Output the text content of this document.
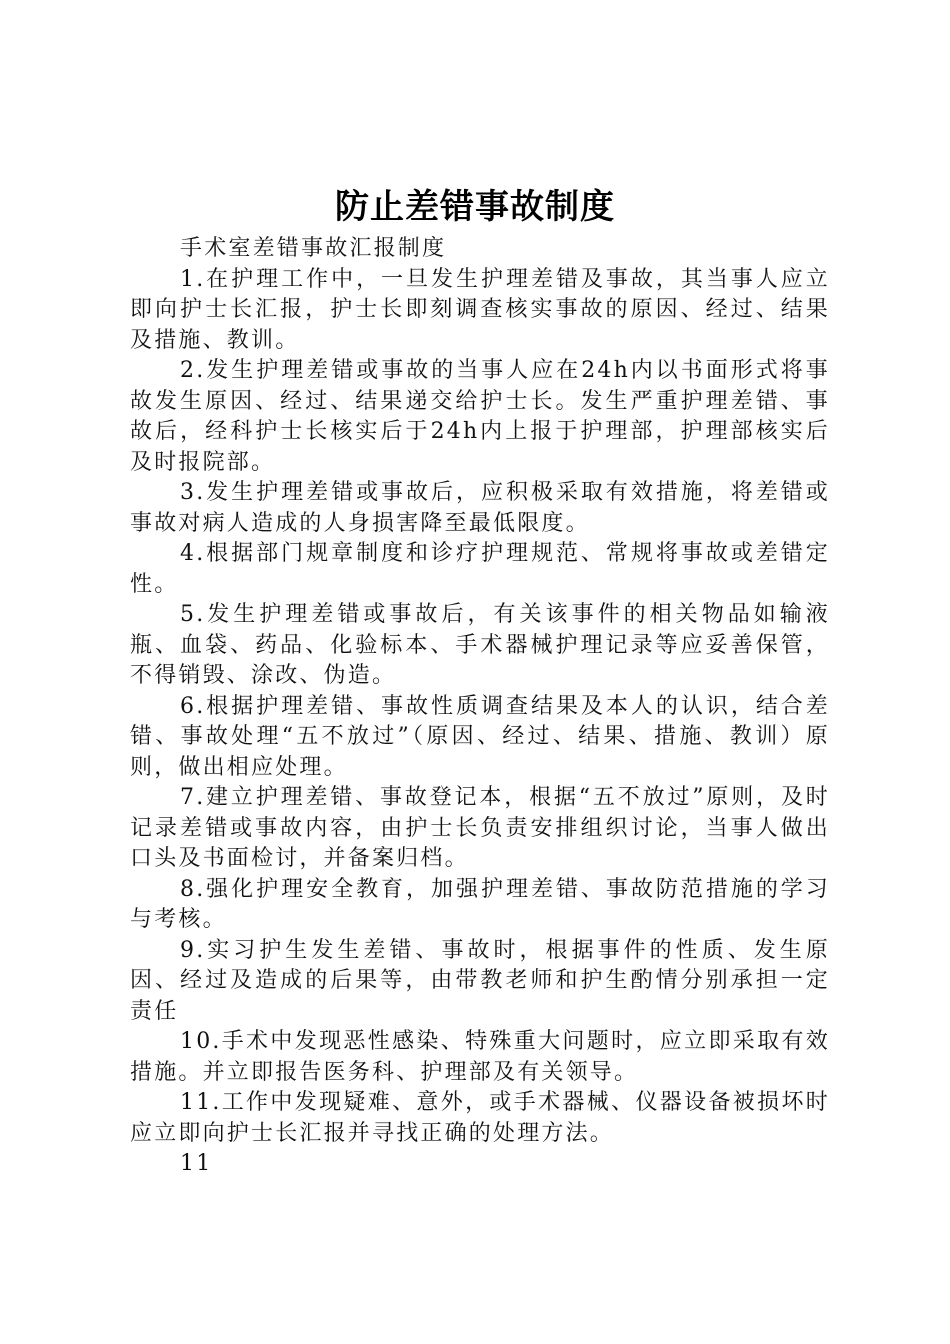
防止差错事故制度

手术室差错事故汇报制度

1.在护理工作中，一旦发生护理差错及事故，其当事人应立即向护士长汇报，护士长即刻调查核实事故的原因、经过、结果及措施、教训。

2.发生护理差错或事故的当事人应在24h内以书面形式将事故发生原因、经过、结果递交给护士长。发生严重护理差错、事故后，经科护士长核实后于24h内上报于护理部，护理部核实后及时报院部。

3.发生护理差错或事故后，应积极采取有效措施，将差错或事故对病人造成的人身损害降至最低限度。

4.根据部门规章制度和诊疗护理规范、常规将事故或差错定性。

5.发生护理差错或事故后，有关该事件的相关物品如输液瓶、血袋、药品、化验标本、手术器械护理记录等应妥善保管，不得销毁、涂改、伪造。

6.根据护理差错、事故性质调查结果及本人的认识，结合差错、事故处理“五不放过”（原因、经过、结果、措施、教训）原则，做出相应处理。

7.建立护理差错、事故登记本，根据“五不放过”原则，及时记录差错或事故内容，由护士长负责安排组织讨论，当事人做出口头及书面检讨，并备案归档。

8.强化护理安全教育，加强护理差错、事故防范措施的学习与考核。

9.实习护生发生差错、事故时，根据事件的性质、发生原因、经过及造成的后果等，由带教老师和护生酌情分别承担一定责任

10.手术中发现恶性感染、特殊重大问题时，应立即采取有效措施。并立即报告医务科、护理部及有关领导。

11.工作中发现疑难、意外，或手术器械、仪器设备被损坏时应立即向护士长汇报并寻找正确的处理方法。

11
